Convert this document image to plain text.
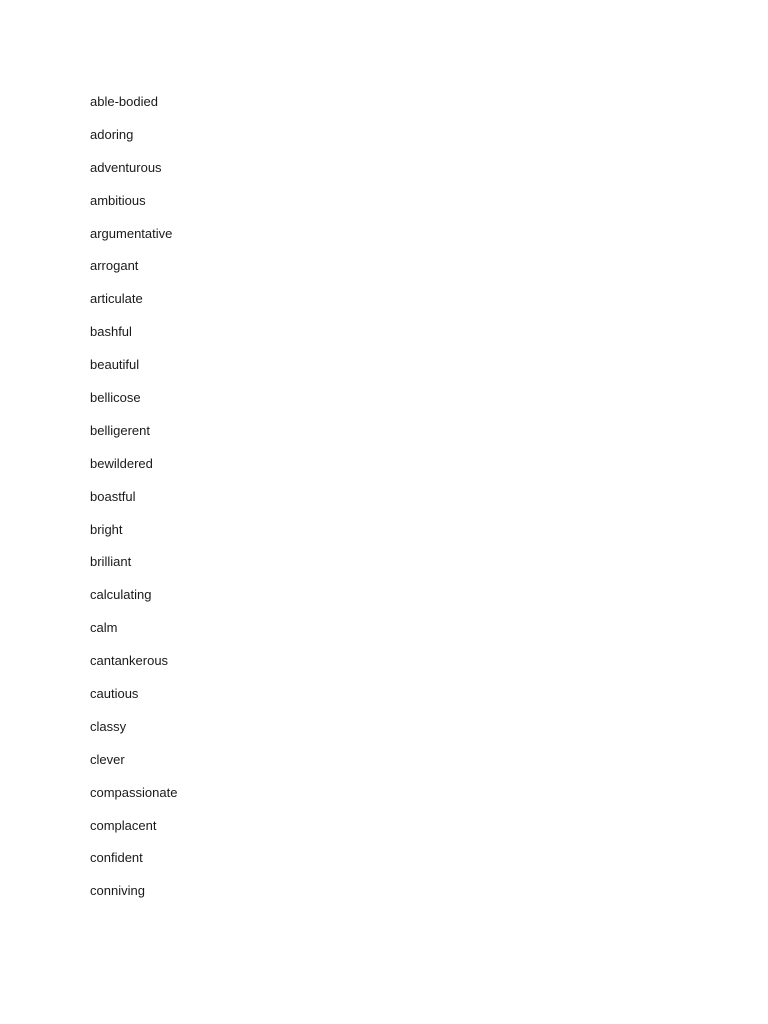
able-bodied
adoring
adventurous
ambitious
argumentative
arrogant
articulate
bashful
beautiful
bellicose
belligerent
bewildered
boastful
bright
brilliant
calculating
calm
cantankerous
cautious
classy
clever
compassionate
complacent
confident
conniving
